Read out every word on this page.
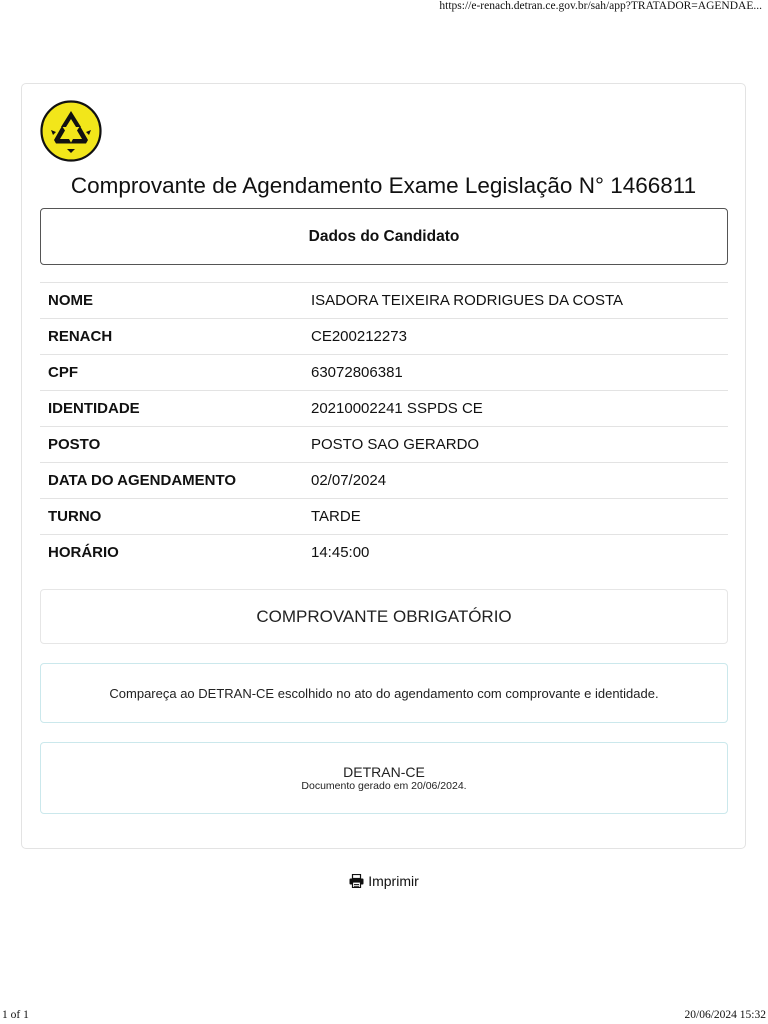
https://e-renach.detran.ce.gov.br/sah/app?TRATADOR=AGENDAE...
Comprovante de Agendamento Exame Legislação N° 1466811
Dados do Candidato
NOME	ISADORA TEIXEIRA RODRIGUES DA COSTA
RENACH	CE200212273
CPF	63072806381
IDENTIDADE	20210002241 SSPDS CE
POSTO	POSTO SAO GERARDO
DATA DO AGENDAMENTO	02/07/2024
TURNO	TARDE
HORÁRIO	14:45:00
COMPROVANTE OBRIGATÓRIO
Compareça ao DETRAN-CE escolhido no ato do agendamento com comprovante e identidade.
DETRAN-CE
Documento gerado em 20/06/2024.
Imprimir
1 of 1	20/06/2024 15:32
